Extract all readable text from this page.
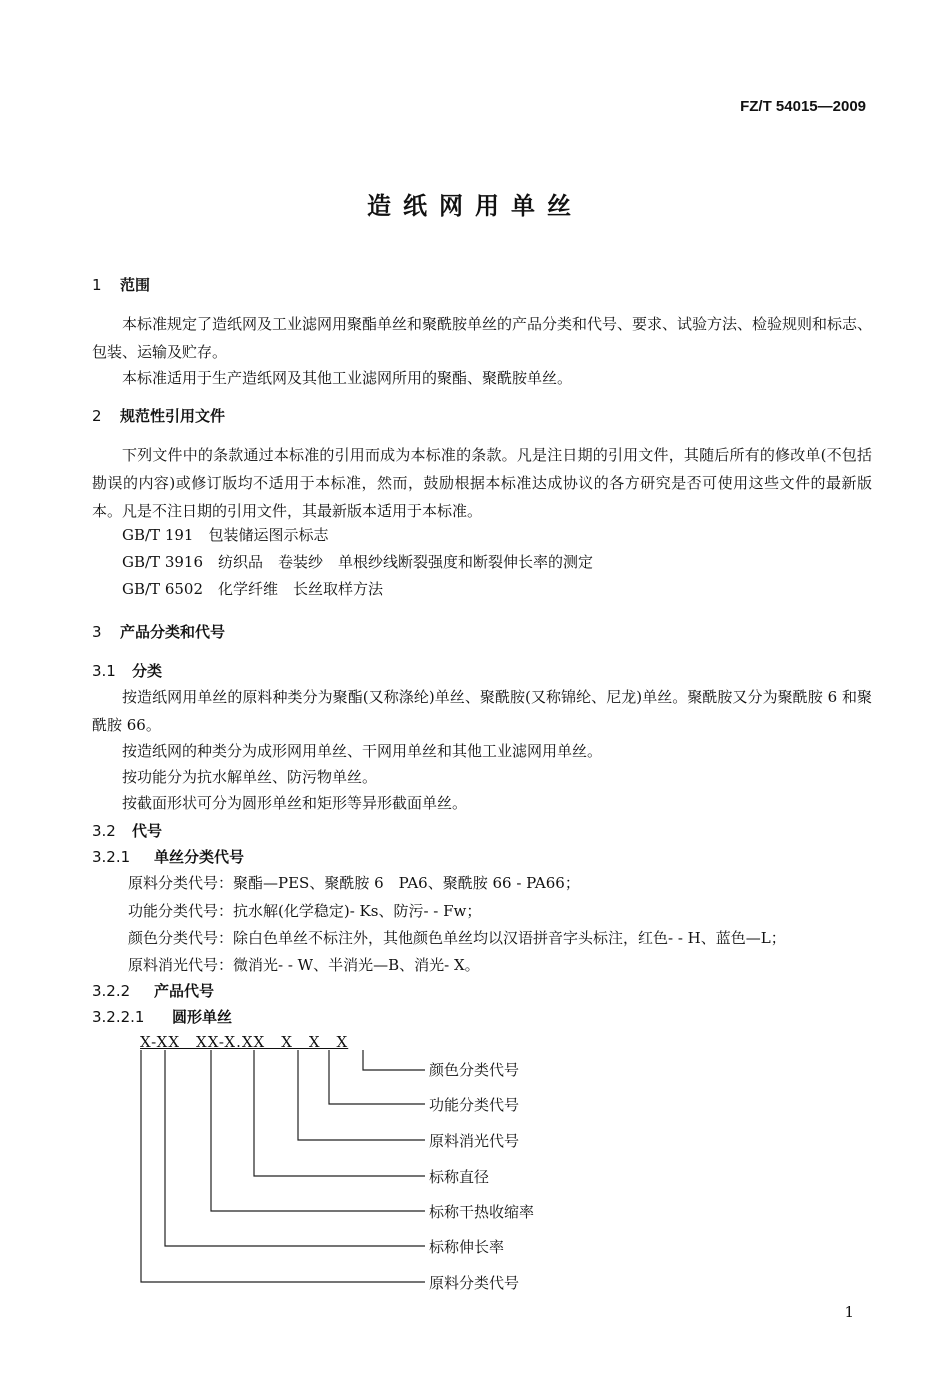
FZ/T 54015—2009
造纸网用单丝
1 范围
本标准规定了造纸网及工业滤网用聚酯单丝和聚酰胺单丝的产品分类和代号、要求、试验方法、检验规则和标志、包装、运输及贮存。
本标准适用于生产造纸网及其他工业滤网所用的聚酯、聚酰胺单丝。
2 规范性引用文件
下列文件中的条款通过本标准的引用而成为本标准的条款。凡是注日期的引用文件，其随后所有的修改单(不包括勘误的内容)或修订版均不适用于本标准，然而，鼓励根据本标准达成协议的各方研究是否可使用这些文件的最新版本。凡是不注日期的引用文件，其最新版本适用于本标准。
GB/T 191　 包装储运图示标志
GB/T 3916　 纺织品　卷装纱　单根纱线断裂强度和断裂伸长率的测定
GB/T 6502　 化学纤维　长丝取样方法
3 产品分类和代号
3.1 分类
按造纸网用单丝的原料种类分为聚酯(又称涤纶)单丝、聚酰胺(又称锦纶、尼龙)单丝。聚酰胺又分为聚酰胺 6 和聚酰胺 66。
按造纸网的种类分为成形网用单丝、干网用单丝和其他工业滤网用单丝。
按功能分为抗水解单丝、防污物单丝。
按截面形状可分为圆形单丝和矩形等异形截面单丝。
3.2 代号
3.2.1 单丝分类代号
原料分类代号：聚酯—PES、聚酰胺 6　PA6、聚酰胺 66 - PA66；
功能分类代号：抗水解(化学稳定)- Ks、防污- - Fw；
颜色分类代号：除白色单丝不标注外，其他颜色单丝均以汉语拼音字头标注，红色- - H、蓝色—L；
原料消光代号：微消光- - W、半消光—B、消光- X。
3.2.2 产品代号
3.2.2.1 圆形单丝
X-XX　XX-X.XX　X　X　X
颜色分类代号
功能分类代号
原料消光代号
标称直径
标称干热收缩率
标称伸长率
原料分类代号
1
